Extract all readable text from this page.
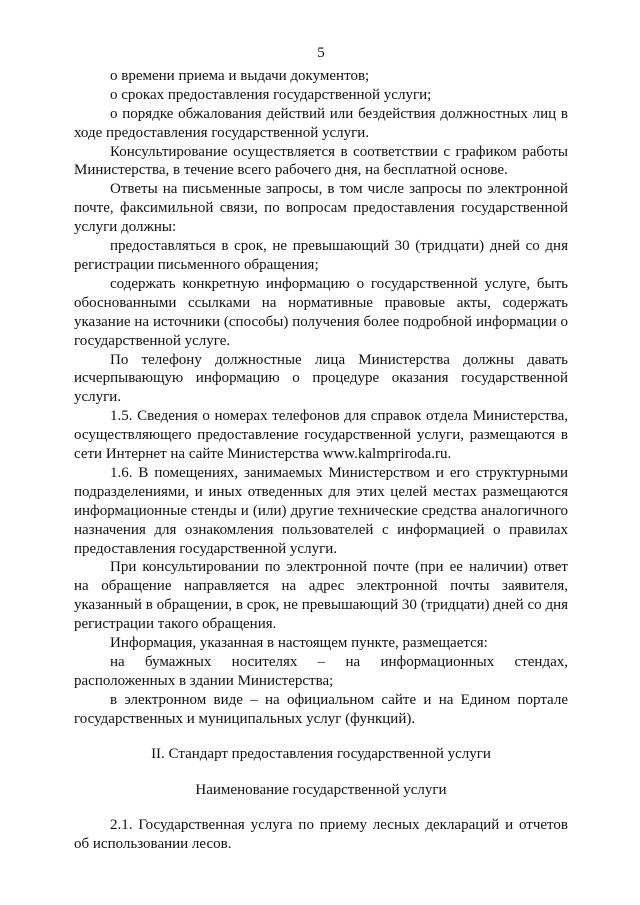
5

о времени приема и выдачи документов;

о сроках предоставления государственной услуги;

о порядке обжалования действий или бездействия должностных лиц в ходе предоставления государственной услуги.

Консультирование осуществляется в соответствии с графиком работы Министерства, в течение всего рабочего дня, на бесплатной основе.

Ответы на письменные запросы, в том числе запросы по электронной почте, факсимильной связи, по вопросам предоставления государственной услуги должны:

предоставляться в срок, не превышающий 30 (тридцати) дней со дня регистрации письменного обращения;

содержать конкретную информацию о государственной услуге, быть обоснованными ссылками на нормативные правовые акты, содержать указание на источники (способы) получения более подробной информации о государственной услуге.

По телефону должностные лица Министерства должны давать исчерпывающую информацию о процедуре оказания государственной услуги.

1.5. Сведения о номерах телефонов для справок отдела Министерства, осуществляющего предоставление государственной услуги, размещаются в сети Интернет на сайте Министерства www.kalmpriroda.ru.

1.6. В помещениях, занимаемых Министерством и его структурными подразделениями, и иных отведенных для этих целей местах размещаются информационные стенды и (или) другие технические средства аналогичного назначения для ознакомления пользователей с информацией о правилах предоставления государственной услуги.

При консультировании по электронной почте (при ее наличии) ответ на обращение направляется на адрес электронной почты заявителя, указанный в обращении, в срок, не превышающий 30 (тридцати) дней со дня регистрации такого обращения.

Информация, указанная в настоящем пункте, размещается:

на бумажных носителях – на информационных стендах, расположенных в здании Министерства;

в электронном виде – на официальном сайте и на Едином портале государственных и муниципальных услуг (функций).

II. Стандарт предоставления государственной услуги

Наименование государственной услуги

2.1. Государственная услуга по приему лесных деклараций и отчетов об использовании лесов.
